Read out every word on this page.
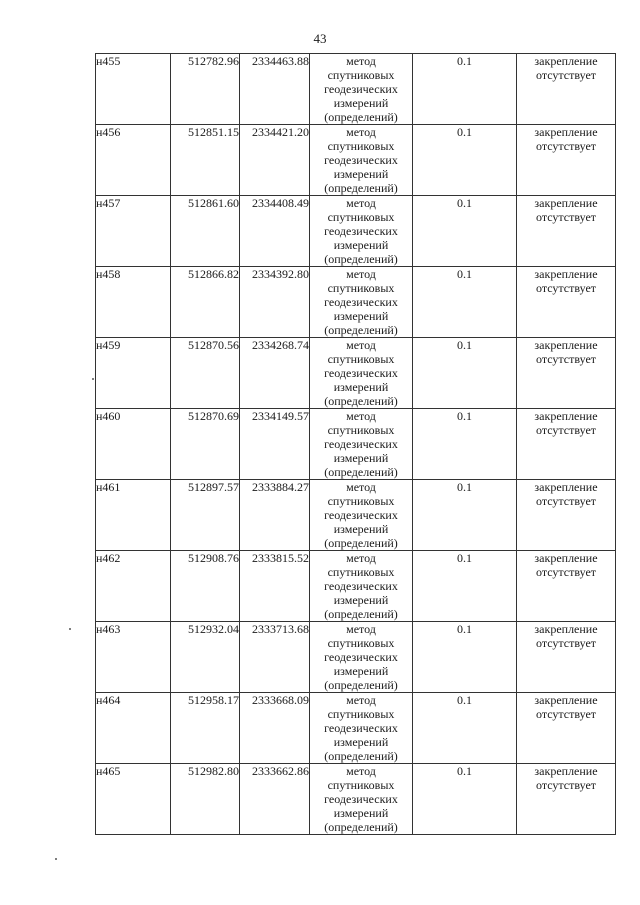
43
н455	512782.96	2334463.88	метод
спутниковых
геодезических
измерений
(определений)	0.1	закрепление
отсутствует

н456	512851.15	2334421.20	метод
спутниковых
геодезических
измерений
(определений)	0.1	закрепление
отсутствует

н457	512861.60	2334408.49	метод
спутниковых
геодезических
измерений
(определений)	0.1	закрепление
отсутствует

н458	512866.82	2334392.80	метод
спутниковых
геодезических
измерений
(определений)	0.1	закрепление
отсутствует

н459	512870.56	2334268.74	метод
спутниковых
геодезических
измерений
(определений)	0.1	закрепление
отсутствует

н460	512870.69	2334149.57	метод
спутниковых
геодезических
измерений
(определений)	0.1	закрепление
отсутствует

н461	512897.57	2333884.27	метод
спутниковых
геодезических
измерений
(определений)	0.1	закрепление
отсутствует

н462	512908.76	2333815.52	метод
спутниковых
геодезических
измерений
(определений)	0.1	закрепление
отсутствует

н463	512932.04	2333713.68	метод
спутниковых
геодезических
измерений
(определений)	0.1	закрепление
отсутствует

н464	512958.17	2333668.09	метод
спутниковых
геодезических
измерений
(определений)	0.1	закрепление
отсутствует

н465	512982.80	2333662.86	метод
спутниковых
геодезических
измерений
(определений)	0.1	закрепление
отсутствует
